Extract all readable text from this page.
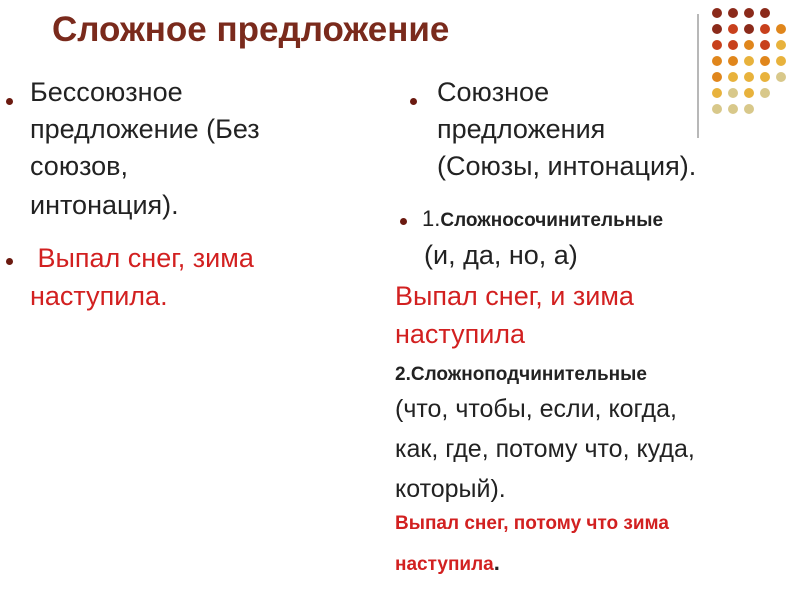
Сложное предложение
Бессоюзное
предложение (Без
союзов,
интонация).
Выпал снег, зима
наступила.
Союзное
предложения
(Союзы, интонация).
1.Сложносочинительные
(и, да, но, а)
Выпал снег, и зима
наступила
2.Сложноподчинительные
(что, чтобы, если, когда,
как, где, потому что, куда,
который).
Выпал снег, потому что зима
наступила.
